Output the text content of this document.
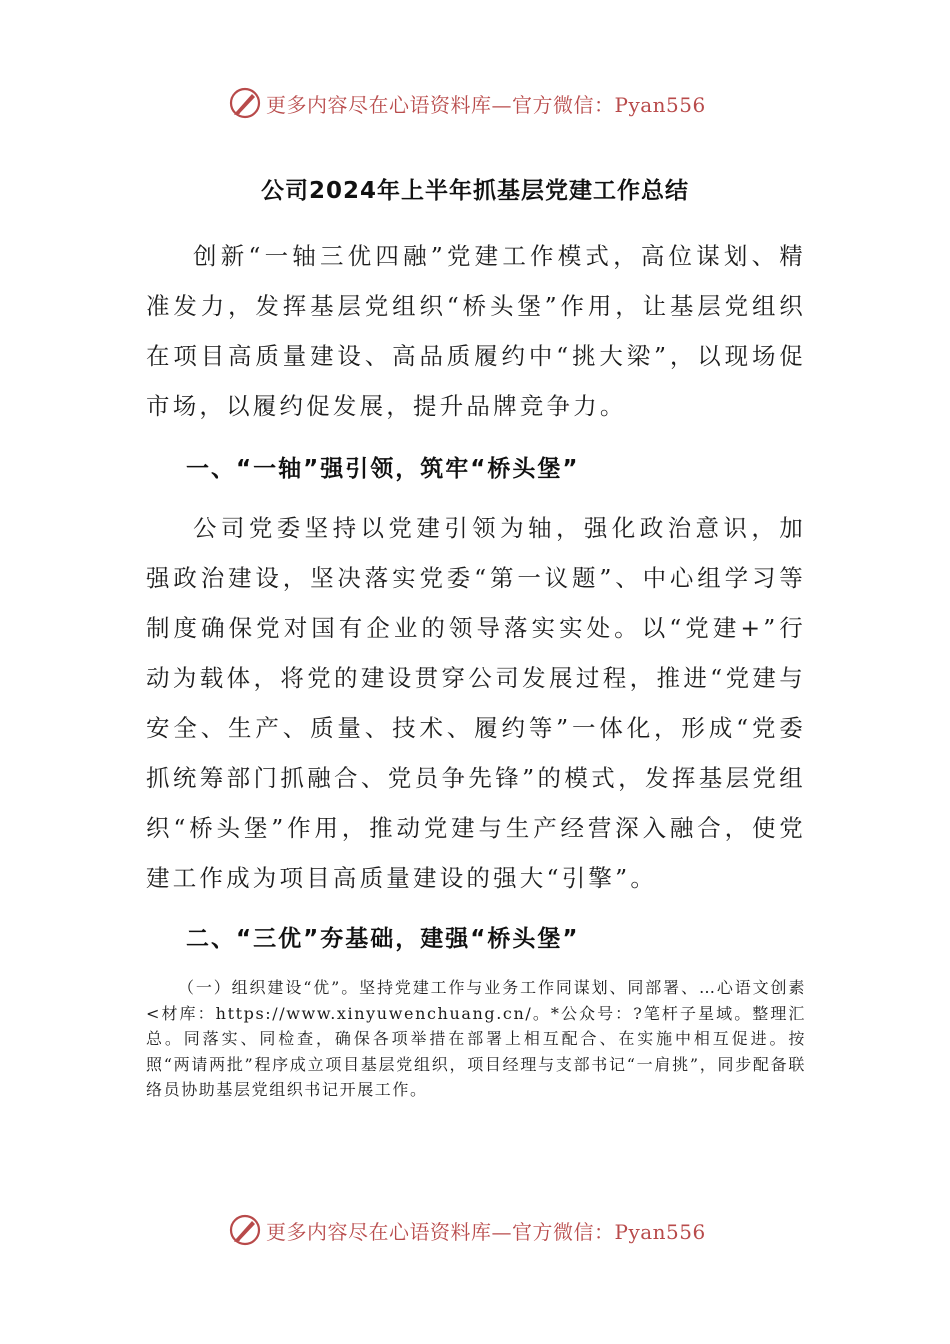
更多内容尽在心语资料库—官方微信：Pyan556
公司2024年上半年抓基层党建工作总结

创新“一轴三优四融”党建工作模式，高位谋划、精准发力，发挥基层党组织“桥头堡”作用，让基层党组织在项目高质量建设、高品质履约中“挑大梁”，以现场促市场，以履约促发展，提升品牌竞争力。

一、“一轴”强引领，筑牢“桥头堡”

公司党委坚持以党建引领为轴，强化政治意识，加强政治建设，坚决落实党委“第一议题”、中心组学习等制度确保党对国有企业的领导落实实处。以“党建+”行动为载体，将党的建设贯穿公司发展过程，推进“党建与安全、生产、质量、技术、履约等”一体化，形成“党委抓统筹部门抓融合、党员争先锋”的模式，发挥基层党组织“桥头堡”作用，推动党建与生产经营深入融合，使党建工作成为项目高质量建设的强大“引擎”。

二、“三优”夯基础，建强“桥头堡”

（一）组织建设“优”。坚持党建工作与业务工作同谋划、同部署、…心语文创素<材库：https://www.xinyuwenchuang.cn/。*公众号：?笔杆子星域。整理汇总。同落实、同检查，确保各项举措在部署上相互配合、在实施中相互促进。按照“两请两批”程序成立项目基层党组织，项目经理与支部书记“一肩挑”，同步配备联络员协助基层党组织书记开展工作。

更多内容尽在心语资料库—官方微信：Pyan556
